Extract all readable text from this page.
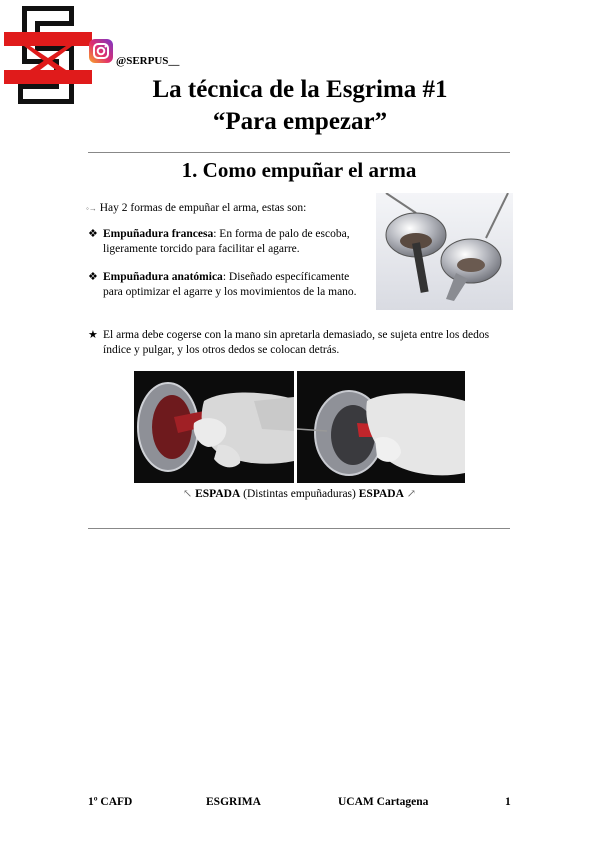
@SERPUS__
La técnica de la Esgrima #1
“Para empezar”
1. Como empuñar el arma
◦→ Hay 2 formas de empuñar el arma, estas son:
❖ Empuñadura francesa: En forma de palo de escoba, ligeramente torcido para facilitar el agarre.
❖ Empuñadura anatómica: Diseñado específicamente para optimizar el agarre y los movimientos de la mano.
★ El arma debe cogerse con la mano sin apretarla demasiado, se sujeta entre los dedos índice y pulgar, y los otros dedos se colocan detrás.
↖ ESPADA (Distintas empuñaduras) ESPADA ↗
1º CAFD	ESGRIMA	UCAM Cartagena	1
